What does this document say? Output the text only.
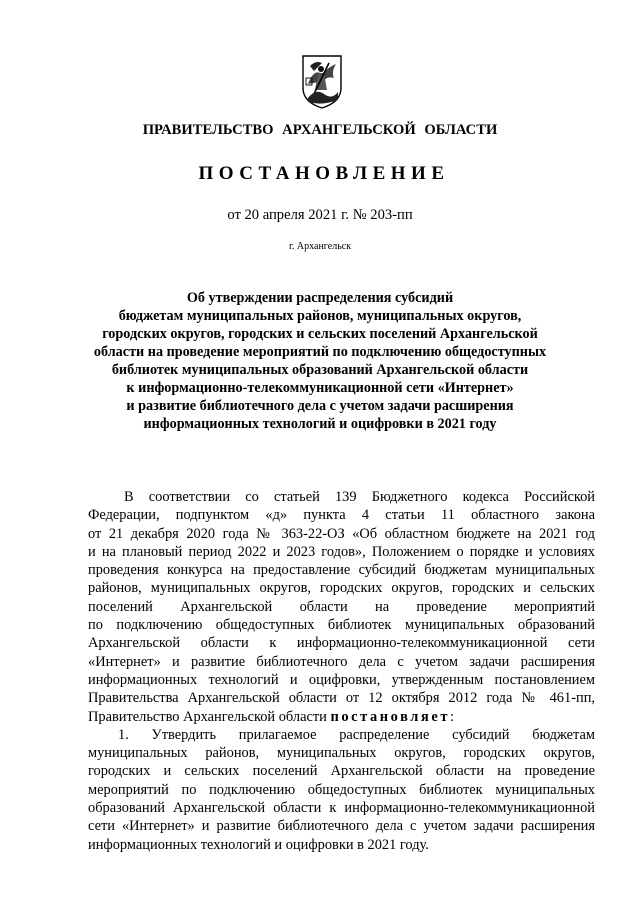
ПРАВИТЕЛЬСТВО АРХАНГЕЛЬСКОЙ ОБЛАСТИ
ПОСТАНОВЛЕНИЕ
от 20 апреля 2021 г. № 203-пп
г. Архангельск
Об утверждении распределения субсидий
бюджетам муниципальных районов, муниципальных округов,
городских округов, городских и сельских поселений Архангельской
области на проведение мероприятий по подключению общедоступных
библиотек муниципальных образований Архангельской области
к информационно-телекоммуникационной сети «Интернет»
и развитие библиотечного дела с учетом задачи расширения
информационных технологий и оцифровки в 2021 году
В соответствии со статьей 139 Бюджетного кодекса Российской
Федерации, подпунктом «д» пункта 4 статьи 11 областного закона
от 21 декабря 2020 года № 363-22-ОЗ «Об областном бюджете на 2021 год
и на плановый период 2022 и 2023 годов», Положением о порядке и условиях
проведения конкурса на предоставление субсидий бюджетам муниципальных
районов, муниципальных округов, городских округов, городских и сельских
поселений Архангельской области на проведение мероприятий
по подключению общедоступных библиотек муниципальных образований
Архангельской области к информационно-телекоммуникационной сети
«Интернет» и развитие библиотечного дела с учетом задачи расширения
информационных технологий и оцифровки, утвержденным постановлением
Правительства Архангельской области от 12 октября 2012 года № 461-пп,
Правительство Архангельской области постановляет:
1. Утвердить прилагаемое распределение субсидий бюджетам
муниципальных районов, муниципальных округов, городских округов,
городских и сельских поселений Архангельской области на проведение
мероприятий по подключению общедоступных библиотек муниципальных
образований Архангельской области к информационно-телекоммуникационной
сети «Интернет» и развитие библиотечного дела с учетом задачи расширения
информационных технологий и оцифровки в 2021 году.
